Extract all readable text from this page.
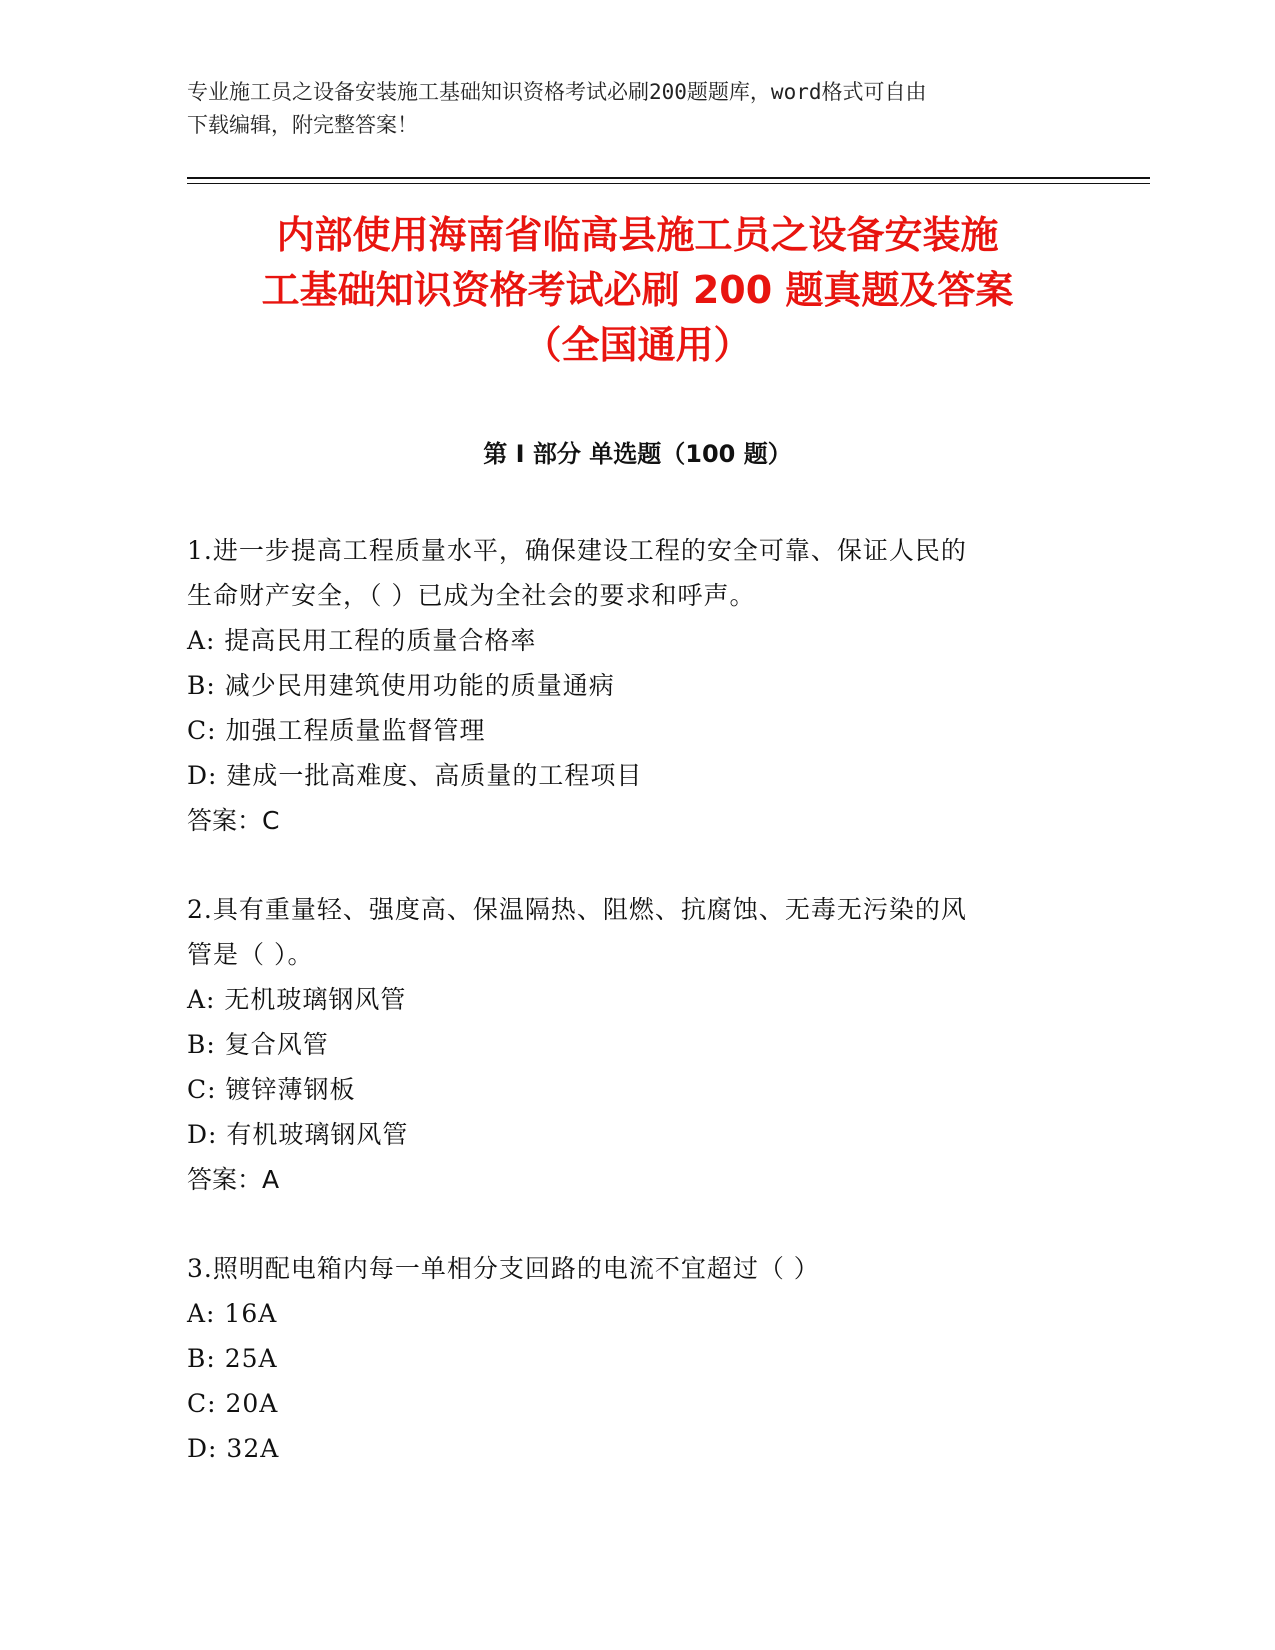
专业施工员之设备安装施工基础知识资格考试必刷200题题库，word格式可自由
下载编辑，附完整答案！
内部使用海南省临高县施工员之设备安装施
工基础知识资格考试必刷 200 题真题及答案
（全国通用）
第 I 部分 单选题（100 题）
1.进一步提高工程质量水平，确保建设工程的安全可靠、保证人民的
生命财产安全，（ ）已成为全社会的要求和呼声。
A: 提高民用工程的质量合格率
B: 减少民用建筑使用功能的质量通病
C: 加强工程质量监督管理
D: 建成一批高难度、高质量的工程项目
答案：C
2.具有重量轻、强度高、保温隔热、阻燃、抗腐蚀、无毒无污染的风
管是（ ）。
A: 无机玻璃钢风管
B: 复合风管
C: 镀锌薄钢板
D: 有机玻璃钢风管
答案：A
3.照明配电箱内每一单相分支回路的电流不宜超过（ ）
A: 16A
B: 25A
C: 20A
D: 32A
